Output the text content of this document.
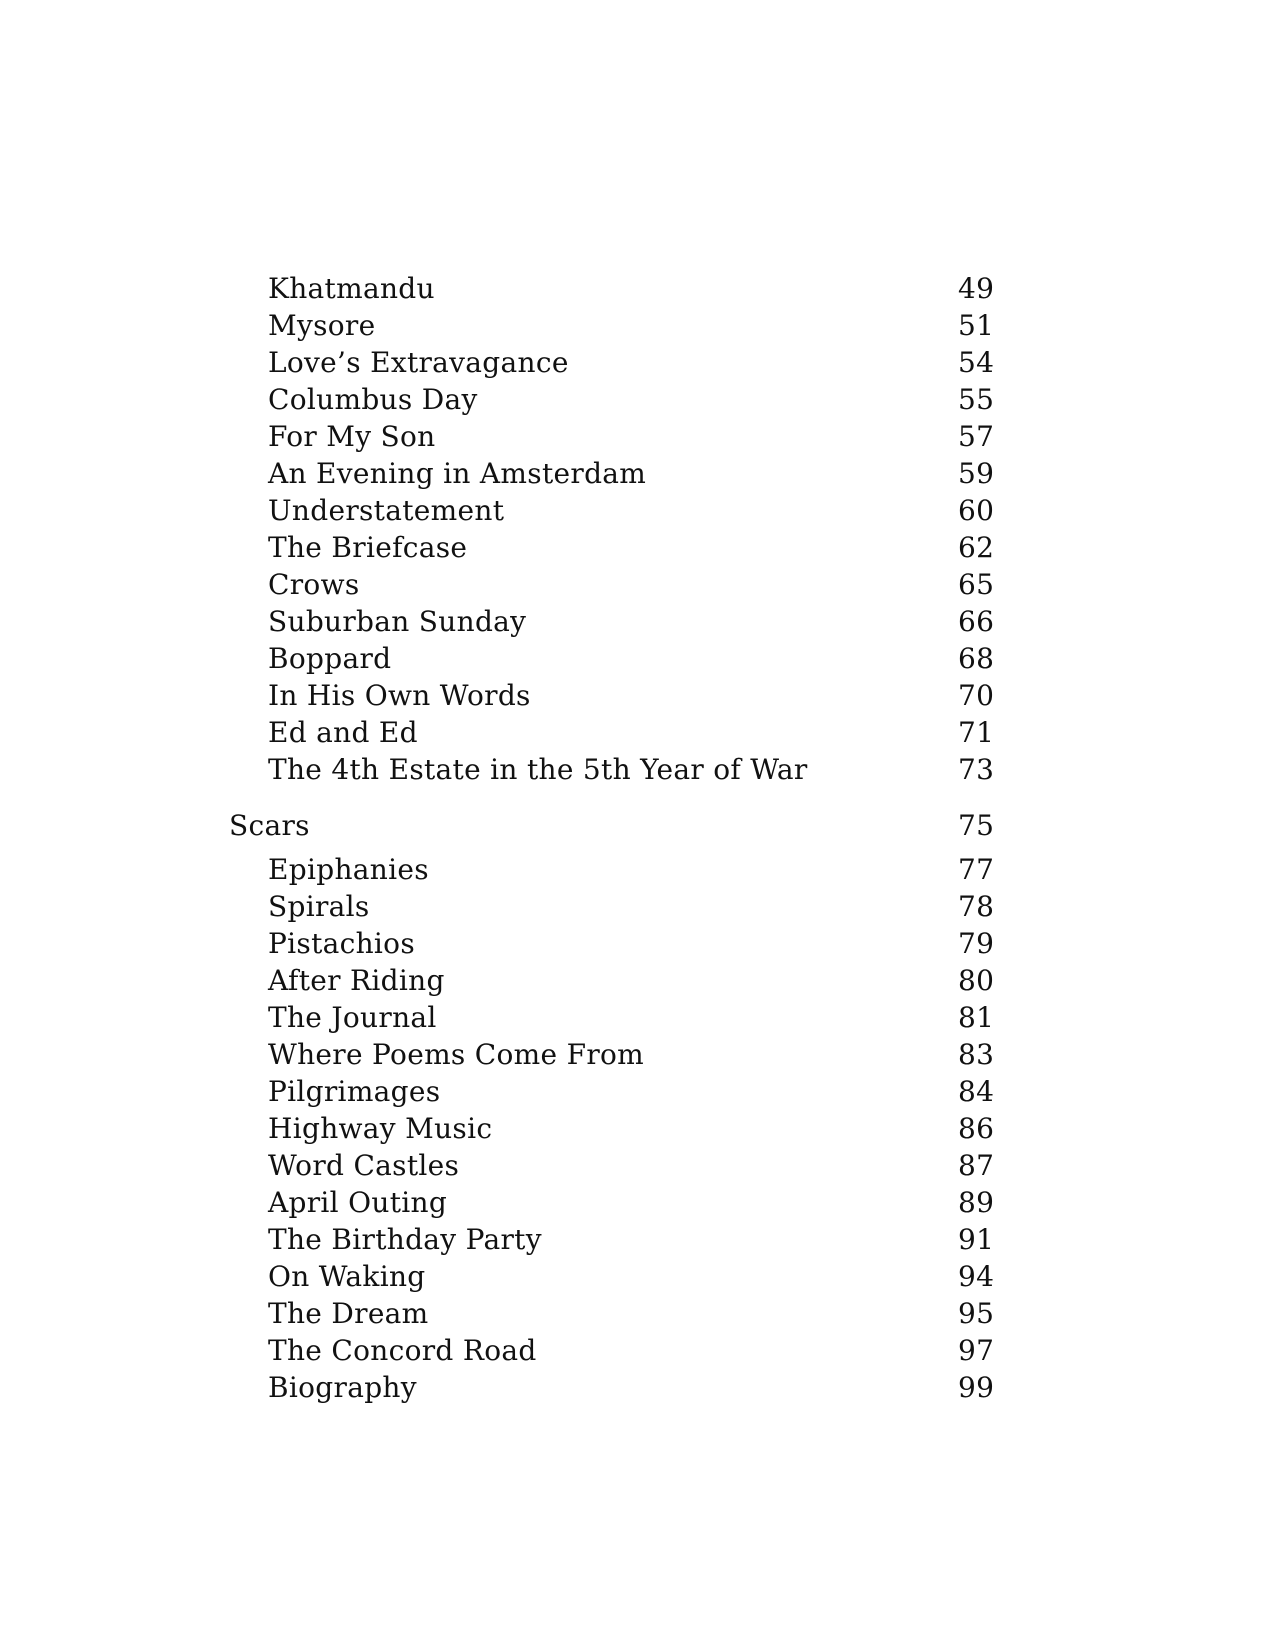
Khatmandu	49
Mysore	51
Love’s Extravagance	54
Columbus Day	55
For My Son	57
An Evening in Amsterdam	59
Understatement	60
The Briefcase	62
Crows	65
Suburban Sunday	66
Boppard	68
In His Own Words	70
Ed and Ed	71
The 4th Estate in the 5th Year of War	73
Scars	75
Epiphanies	77
Spirals	78
Pistachios	79
After Riding	80
The Journal	81
Where Poems Come From	83
Pilgrimages	84
Highway Music	86
Word Castles	87
April Outing	89
The Birthday Party	91
On Waking	94
The Dream	95
The Concord Road	97
Biography	99
